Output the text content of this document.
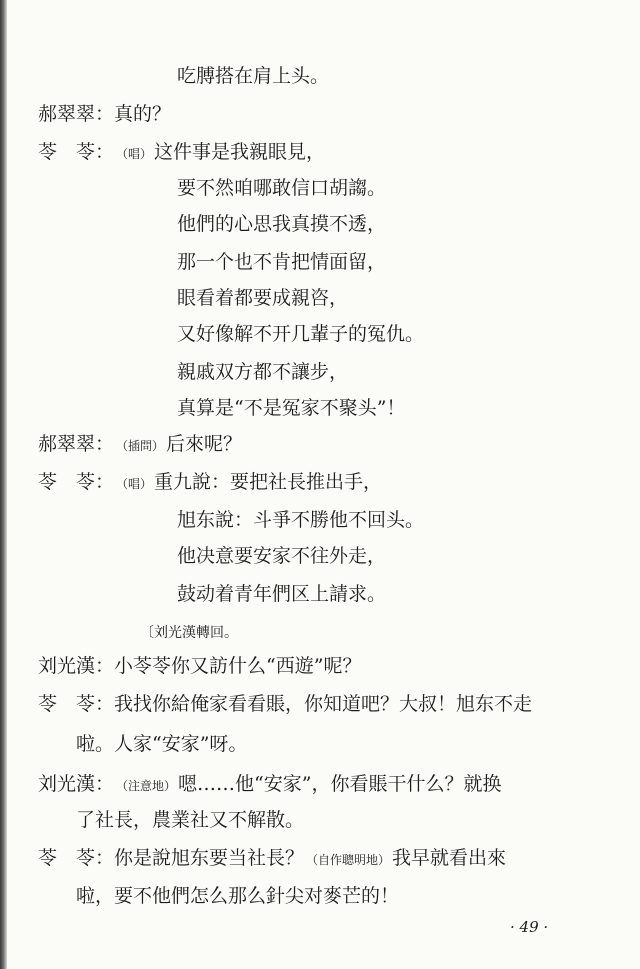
吃膊搭在肩上头。
郝翠翠：真的？
苓　苓： （唱） 这件事是我親眼見，
要不然咱哪敢信口胡謅。
他們的心思我真摸不透，
那一个也不肯把情面留，
眼看着都要成親咨，
又好像解不开几輩子的冤仇。
親戚双方都不讓步，
真算是“不是冤家不聚头”！
郝翠翠： （插問） 后來呢？
苓　苓： （唱） 重九說：要把社長推出手，
旭东說：斗爭不勝他不回头。
他决意要安家不往外走，
鼓动着青年們区上請求。
〔刘光漢轉回。
刘光漢：小苓苓你又訪什么“西遊”呢？
苓　苓：我找你給俺家看看賬，你知道吧？大叔！旭东不走
啦。人家“安家”呀。
刘光漢： （注意地） 嗯……他“安家”，你看賬干什么？就换
了社長，農業社又不解散。
苓　苓：你是說旭东要当社長？ （自作聰明地） 我早就看出來
啦，要不他們怎么那么針尖对麥芒的！
· 49 ·
